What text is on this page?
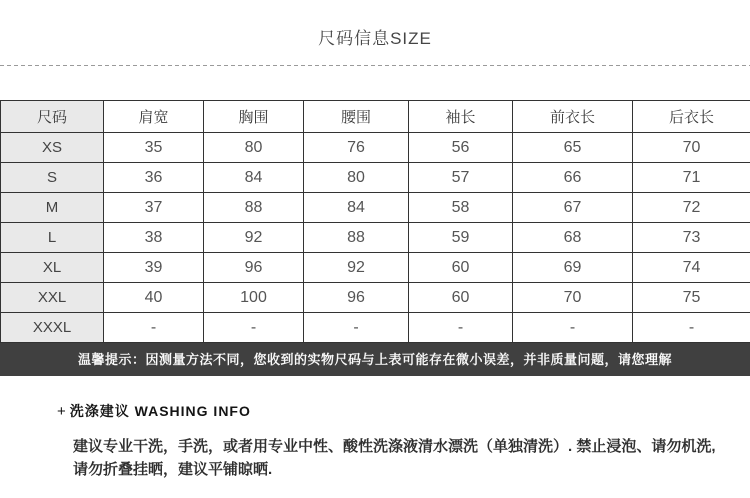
尺码信息SIZE
尺码	肩宽	胸围	腰围	袖长	前衣长	后衣长
XS	35	80	76	56	65	70
S	36	84	80	57	66	71
M	37	88	84	58	67	72
L	38	92	88	59	68	73
XL	39	96	92	60	69	74
XXL	40	100	96	60	70	75
XXXL	-	-	-	-	-	-
温馨提示：因测量方法不同，您收到的实物尺码与上表可能存在微小误差，并非质量问题，请您理解
+ 洗涤建议 WASHING INFO
建议专业干洗，手洗，或者用专业中性、酸性洗涤液清水漂洗（单独清洗）. 禁止浸泡、请勿机洗,
请勿折叠挂晒，建议平铺晾晒.
